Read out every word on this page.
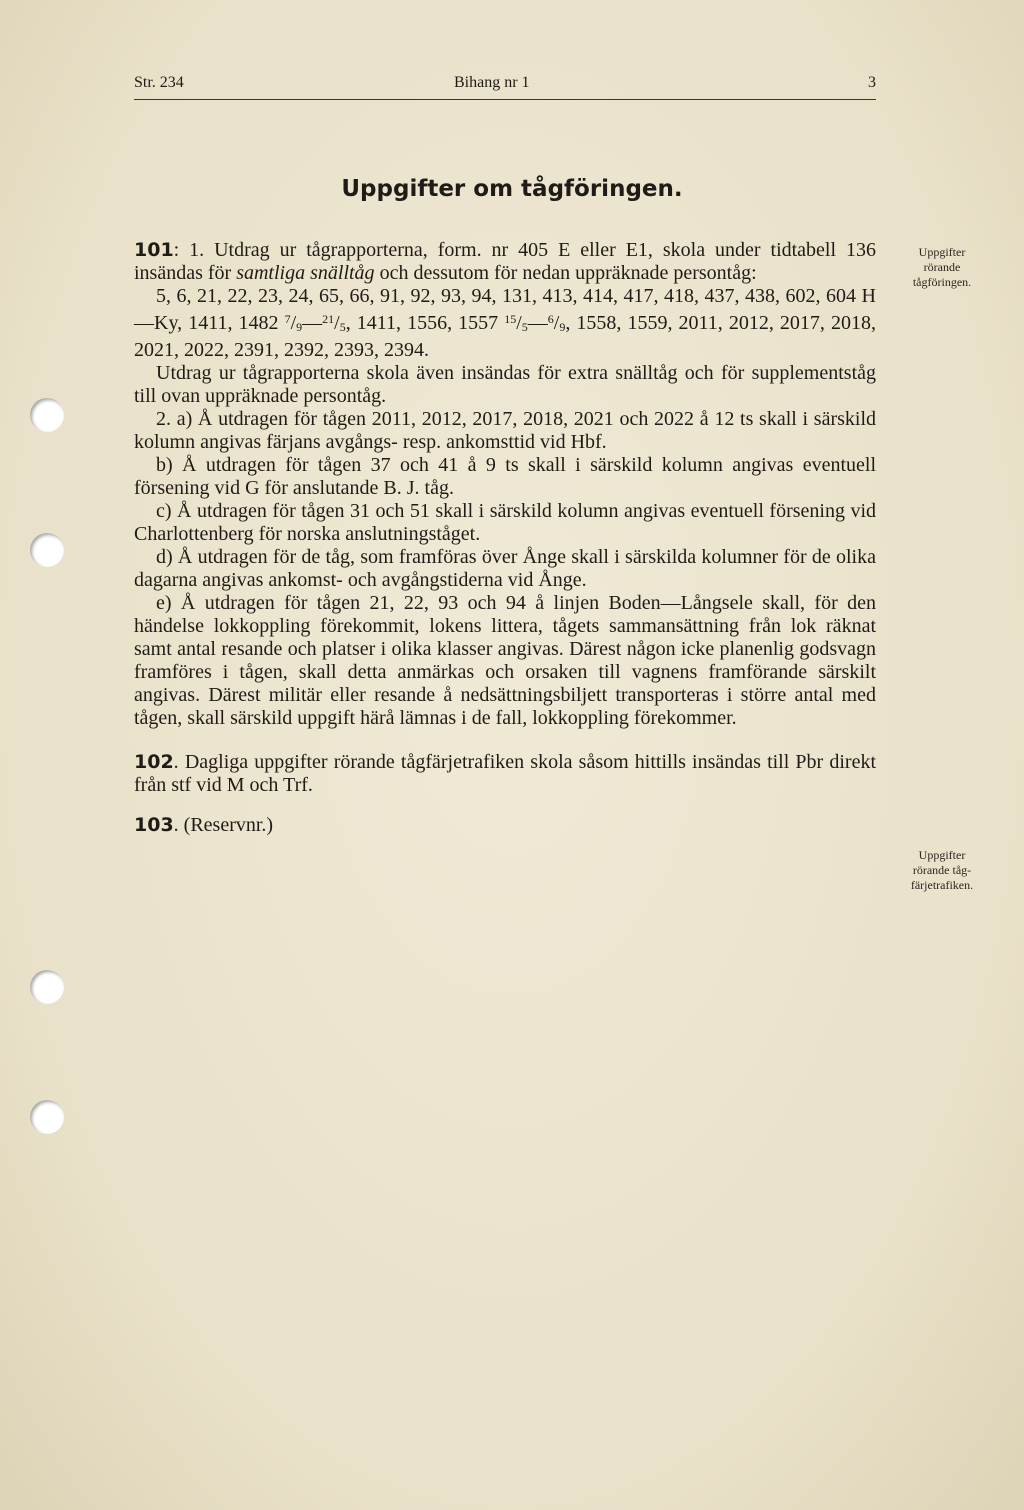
Str. 234	Bihang nr 1	3
Uppgifter om tågföringen.

101: 1. Utdrag ur tågrapporterna, form. nr 405 E eller E1, skola under tidtabell 136 insändas för samtliga snälltåg och dessutom för nedan uppräknade persontåg:

5, 6, 21, 22, 23, 24, 65, 66, 91, 92, 93, 94, 131, 413, 414, 417, 418, 437, 438, 602, 604 H—Ky, 1411, 1482 $^7/_9—^{21}/_5$, 1411, 1556, 1557 $^{15}/_5—^6/_9$, 1558, 1559, 2011, 2012, 2017, 2018, 2021, 2022, 2391, 2392, 2393, 2394.

Utdrag ur tågrapporterna skola även insändas för extra snälltåg och för supplementståg till ovan uppräknade persontåg.

2. a) Å utdragen för tågen 2011, 2012, 2017, 2018, 2021 och 2022 å 12 ts skall i särskild kolumn angivas färjans avgångs- resp. ankomsttid vid Hbf.

b) Å utdragen för tågen 37 och 41 å 9 ts skall i särskild kolumn angivas eventuell försening vid G för anslutande B. J. tåg.

c) Å utdragen för tågen 31 och 51 skall i särskild kolumn angivas eventuell försening vid Charlottenberg för norska anslutningståget.

d) Å utdragen för de tåg, som framföras över Ånge skall i särskilda kolumner för de olika dagarna angivas ankomst- och avgångstiderna vid Ånge.

e) Å utdragen för tågen 21, 22, 93 och 94 å linjen Boden—Långsele skall, för den händelse lokkoppling förekommit, lokens littera, tågets sammansättning från lok räknat samt antal resande och platser i olika klasser angivas. Därest någon icke planenlig godsvagn framföres i tågen, skall detta anmärkas och orsaken till vagnens framförande särskilt angivas. Därest militär eller resande å nedsättningsbiljett transporteras i större antal med tågen, skall särskild uppgift härå lämnas i de fall, lokkoppling förekommer.

102. Dagliga uppgifter rörande tågfärjetrafiken skola såsom hittills insändas till Pbr direkt från stf vid M och Trf.

103. (Reservnr.)

Uppgifter
rörande
tågföringen.
Uppgifter
rörande tåg-
färjetrafiken.
